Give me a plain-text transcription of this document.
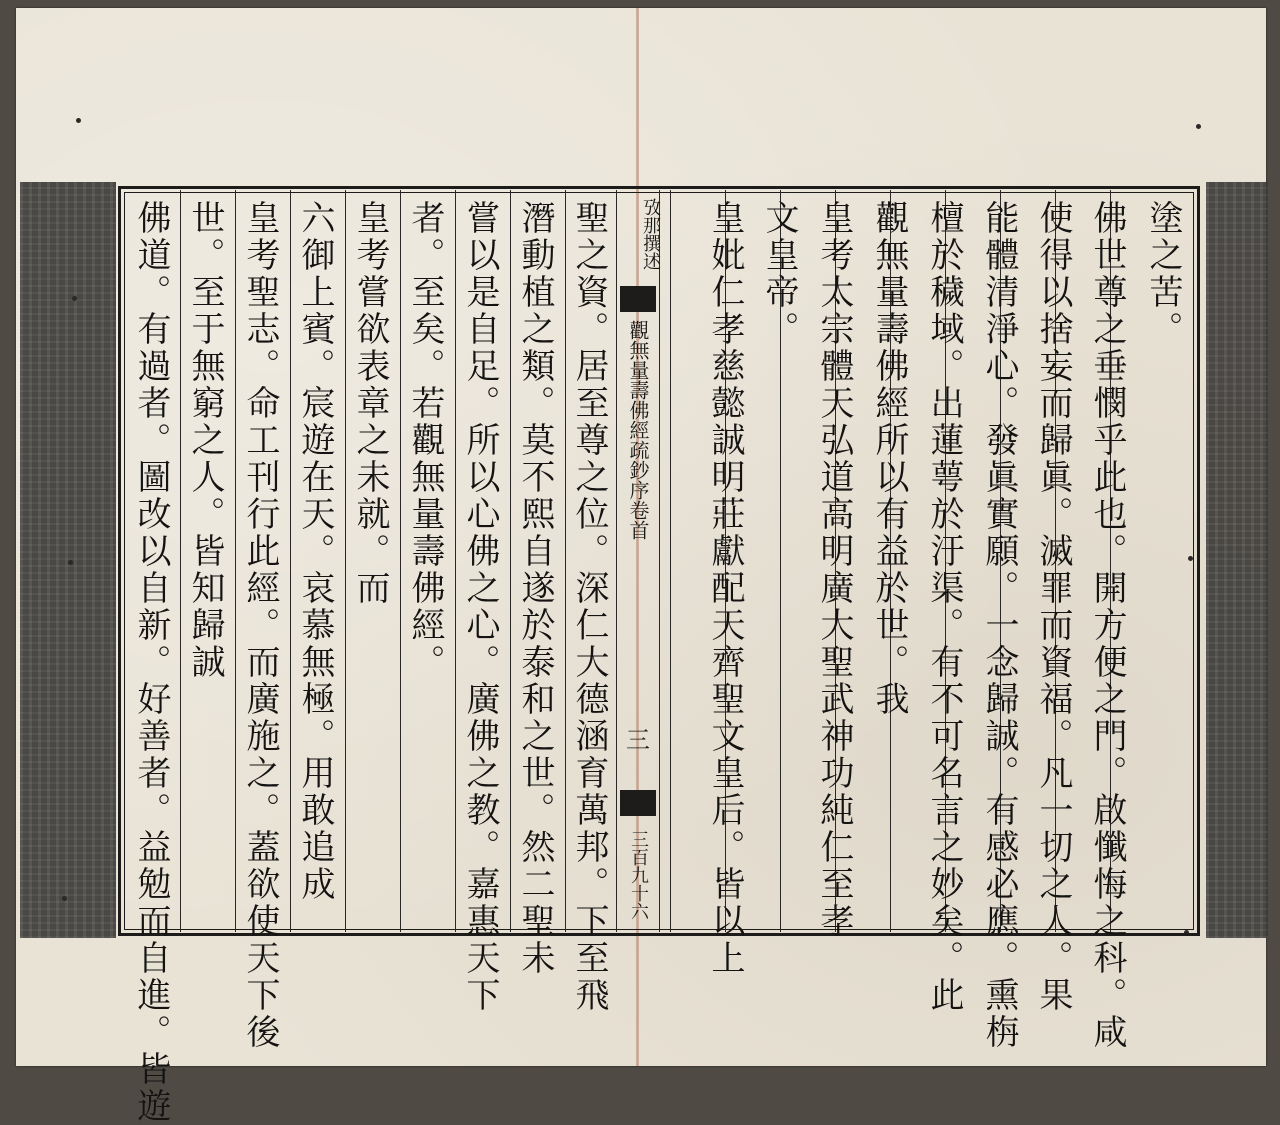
塗之苦。
佛世尊之垂憫乎此也。開方便之門。啟懺悔之科。咸
使得以捨妄而歸眞。滅罪而資福。凡一切之人。果
能體清淨心。發眞實願。一念歸誠。有感必應。熏栴
檀於穢域。出蓮萼於汙渠。有不可名言之妙矣。此
觀無量壽佛經所以有益於世。我
皇考太宗體天弘道高明廣大聖武神功純仁至孝
文皇帝。
皇妣仁孝慈懿誠明莊獻配天齊聖文皇后。皆以上
觀無量壽佛經疏鈔序卷首
三
三百九十六
攷那撰述
聖之資。居至尊之位。深仁大德涵育萬邦。下至飛
潛動植之類。莫不熙自遂於泰和之世。然二聖未
嘗以是自足。所以心佛之心。廣佛之教。嘉惠天下
者。至矣。若觀無量壽佛經。
皇考嘗欲表章之未就。而
六御上賓。宸遊在天。哀慕無極。用敢追成
皇考聖志。命工刊行此經。而廣施之。蓋欲使天下後
世。至于無窮之人。皆知歸誠
佛道。有過者。圖改以自新。好善者。益勉而自進。皆遊
